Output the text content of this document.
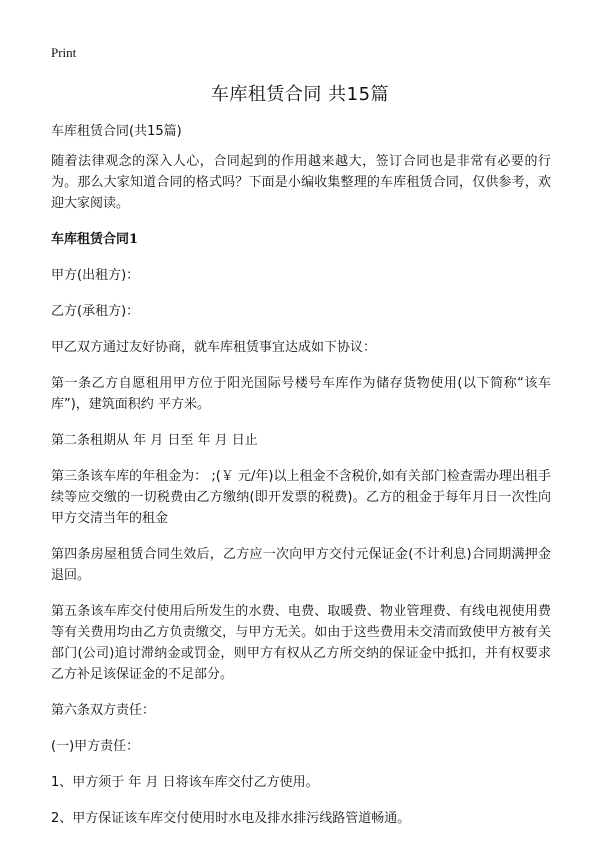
Print
车库租赁合同 共15篇

车库租赁合同(共15篇)

随着法律观念的深入人心，合同起到的作用越来越大，签订合同也是非常有必要的行为。那么大家知道合同的格式吗？下面是小编收集整理的车库租赁合同，仅供参考，欢迎大家阅读。

车库租赁合同1

甲方(出租方)：

乙方(承租方)：

甲乙双方通过友好协商，就车库租赁事宜达成如下协议：

第一条乙方自愿租用甲方位于阳光国际号楼号车库作为储存货物使用(以下简称“该车库”)，建筑面积约 平方米。

第二条租期从 年 月 日至 年 月 日止

第三条该车库的年租金为： ;(￥ 元/年)以上租金不含税价,如有关部门检查需办理出租手续等应交缴的一切税费由乙方缴纳(即开发票的税费)。乙方的租金于每年月日一次性向甲方交清当年的租金

第四条房屋租赁合同生效后，乙方应一次向甲方交付元保证金(不计利息)合同期满押金退回。

第五条该车库交付使用后所发生的水费、电费、取暖费、物业管理费、有线电视使用费等有关费用均由乙方负责缴交，与甲方无关。如由于这些费用未交清而致使甲方被有关部门(公司)追讨滞纳金或罚金，则甲方有权从乙方所交纳的保证金中抵扣，并有权要求乙方补足该保证金的不足部分。

第六条双方责任：

(一)甲方责任：

1、甲方须于 年 月 日将该车库交付乙方使用。

2、甲方保证该车库交付使用时水电及排水排污线路管道畅通。
